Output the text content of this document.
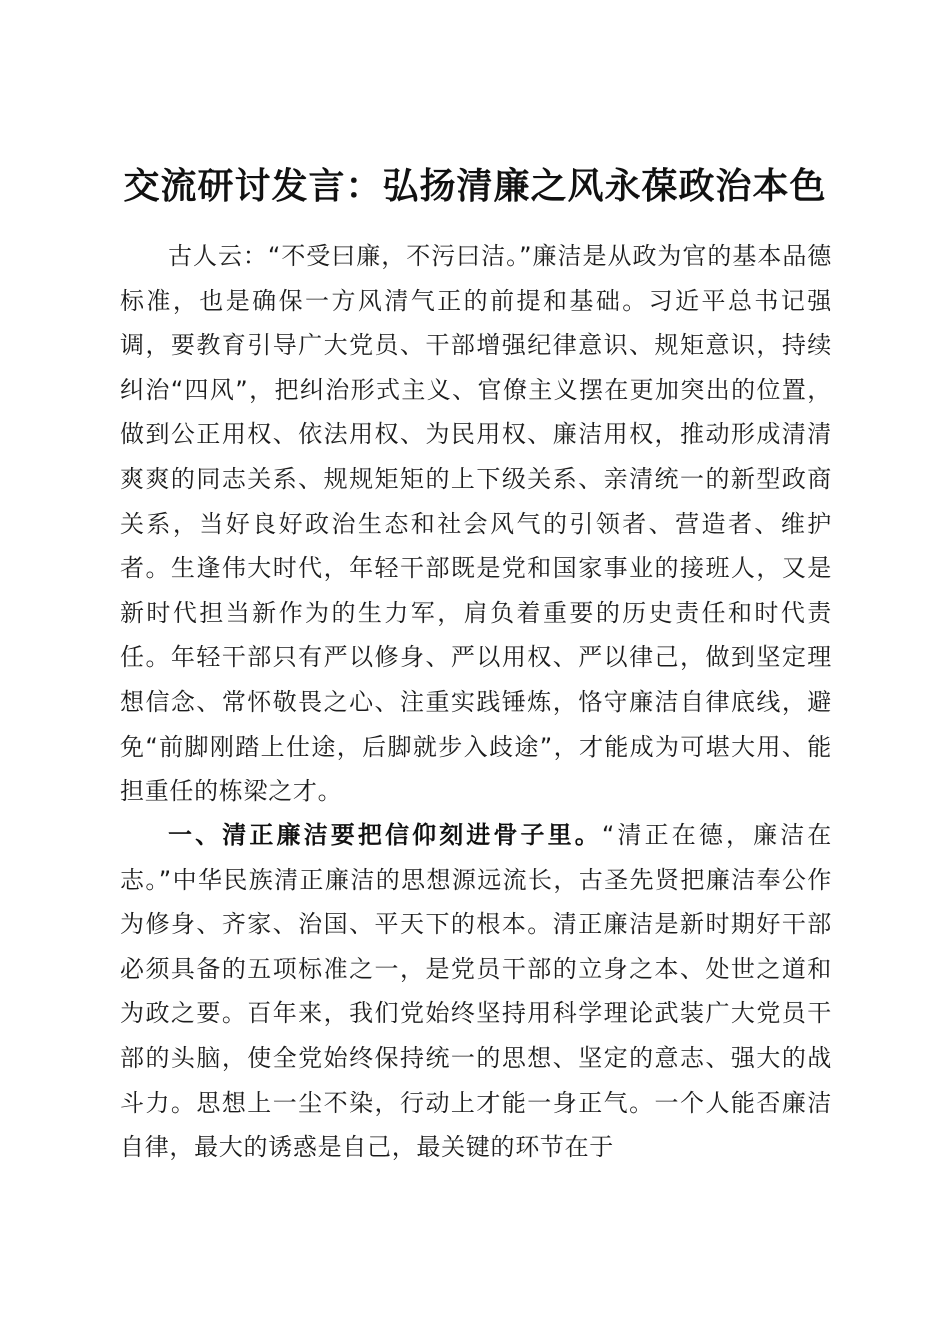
交流研讨发言：弘扬清廉之风永葆政治本色

古人云：“不受曰廉，不污曰洁。”廉洁是从政为官的基本品德标准，也是确保一方风清气正的前提和基础。习近平总书记强调，要教育引导广大党员、干部增强纪律意识、规矩意识，持续纠治“四风”，把纠治形式主义、官僚主义摆在更加突出的位置，做到公正用权、依法用权、为民用权、廉洁用权，推动形成清清爽爽的同志关系、规规矩矩的上下级关系、亲清统一的新型政商关系，当好良好政治生态和社会风气的引领者、营造者、维护者。生逢伟大时代，年轻干部既是党和国家事业的接班人，又是新时代担当新作为的生力军，肩负着重要的历史责任和时代责任。年轻干部只有严以修身、严以用权、严以律己，做到坚定理想信念、常怀敬畏之心、注重实践锤炼，恪守廉洁自律底线，避免“前脚刚踏上仕途，后脚就步入歧途”，才能成为可堪大用、能担重任的栋梁之才。

一、清正廉洁要把信仰刻进骨子里。“清正在德，廉洁在志。”中华民族清正廉洁的思想源远流长，古圣先贤把廉洁奉公作为修身、齐家、治国、平天下的根本。清正廉洁是新时期好干部必须具备的五项标准之一，是党员干部的立身之本、处世之道和为政之要。百年来，我们党始终坚持用科学理论武装广大党员干部的头脑，使全党始终保持统一的思想、坚定的意志、强大的战斗力。思想上一尘不染，行动上才能一身正气。一个人能否廉洁自律，最大的诱惑是自己，最关键的环节在于
